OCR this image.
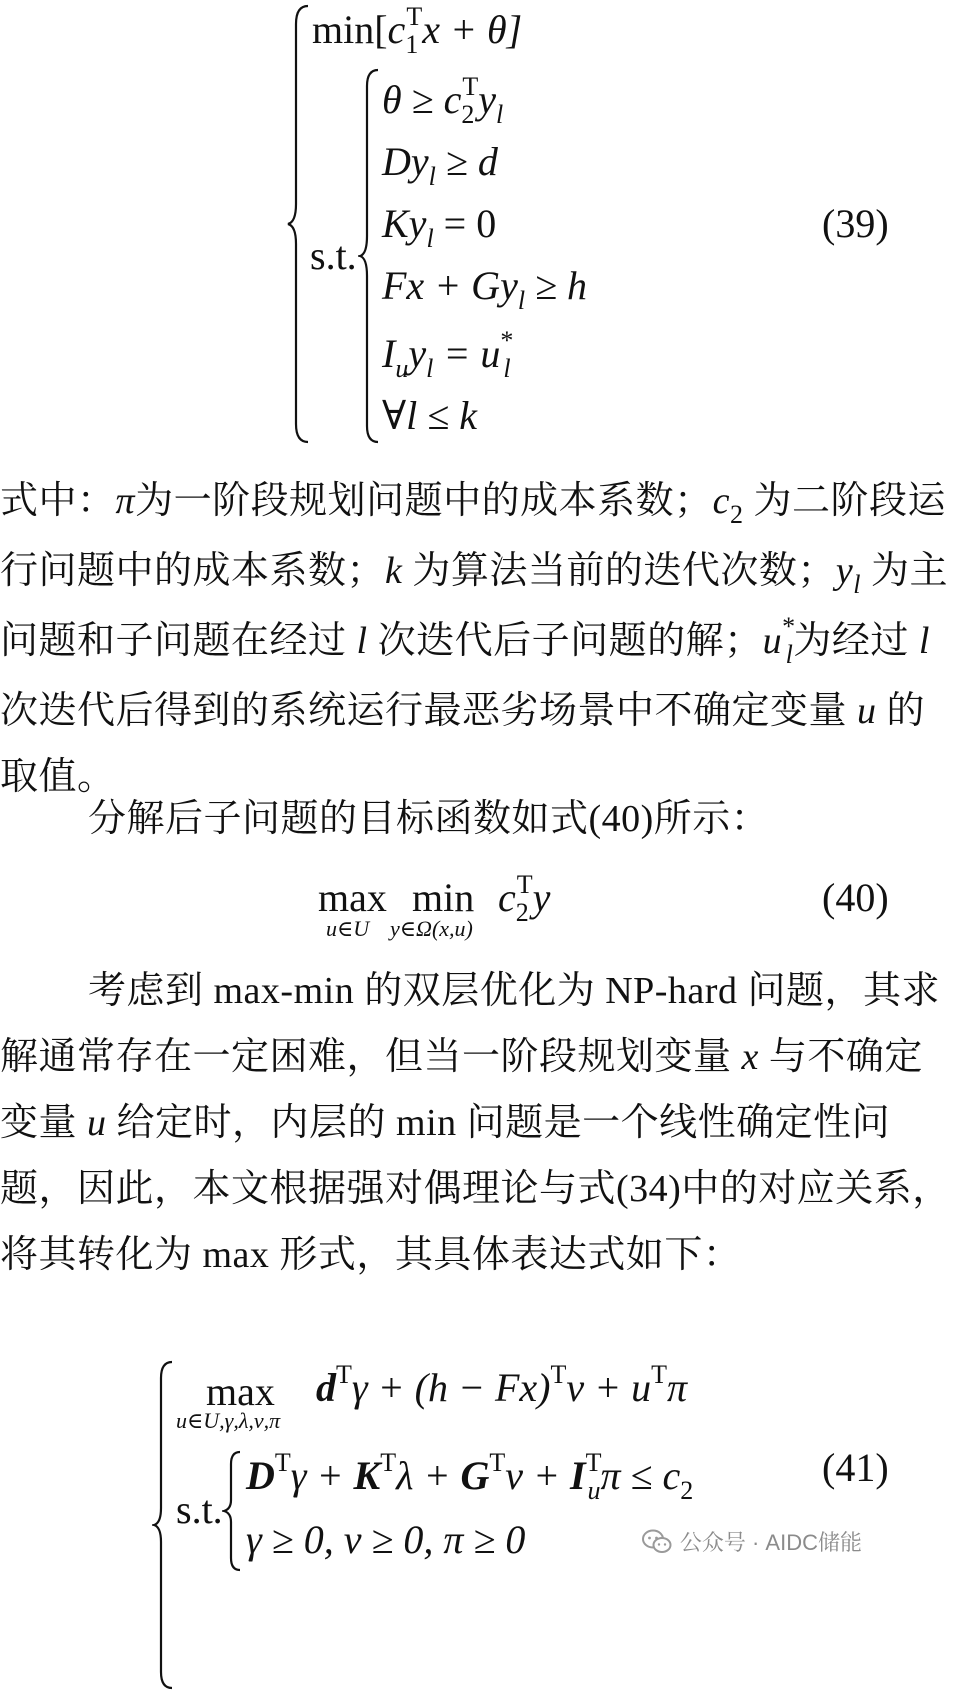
$\min[c_1^Tx + \theta]$
s.t.
$\theta \ge c_2^Ty_l$
$Dy_l \ge d$
$Ky_l = 0$
$Fx + Gy_l \ge h$
$I_uy_l = u^*_l$
∀l ≤ k
(39)

式中：π为一阶段规划问题中的成本系数；$c_2$ 为二阶段运行问题中的成本系数；k 为算法当前的迭代次数；$y_l$ 为主问题和子问题在经过 l 次迭代后子问题的解；$u^*_l$为经过 l 次迭代后得到的系统运行最恶劣场景中不确定变量 u 的取值。

分解后子问题的目标函数如式(40)所示：

max
u∈U
min
y∈Ω(x,u)
$c_2^Ty$	(40)

考虑到 max-min 的双层优化为 NP-hard 问题，其求解通常存在一定困难，但当一阶段规划变量 x 与不确定变量 u 给定时，内层的 min 问题是一个线性确定性问题，因此，本文根据强对偶理论与式(34)中的对应关系，将其转化为 max 形式，其具体表达式如下：

max
u∈U,γ,λ,ν,π
$d^T\gamma + (h - Fx)^T\nu + u^T\pi$
s.t.
$D^T\gamma + K^T\lambda + G^T\nu + I^T_u\pi \le c_2$
γ ≥ 0, ν ≥ 0, π ≥ 0
(41)
公众号 · AIDC储能
